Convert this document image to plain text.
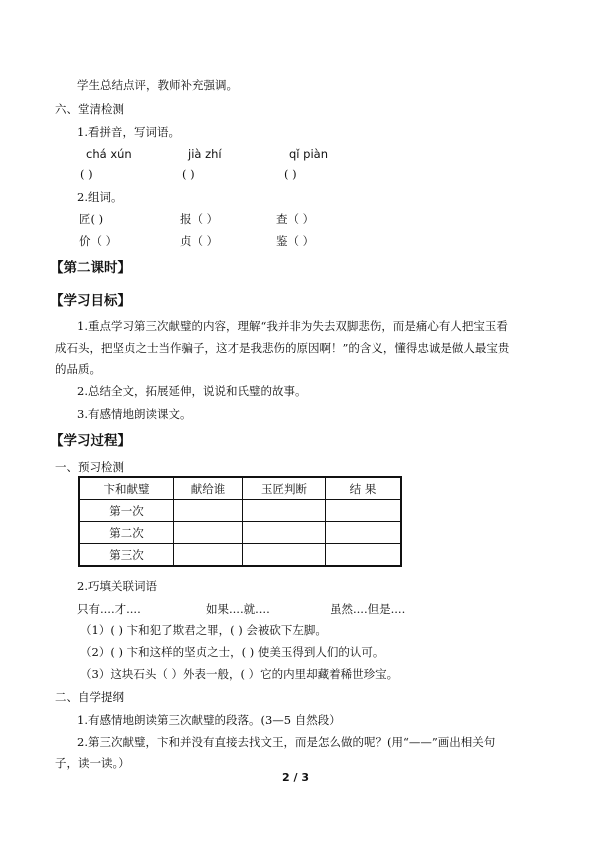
学生总结点评，教师补充强调。
六、堂清检测
1.看拼音，写词语。
chá xún	jià zhí	qǐ piàn
( )	( )	( )
2.组词。
匠( )	报（ ）	查（ ）
价（ ）	贞（ ）	鉴（ ）
【第二课时】
【学习目标】
1.重点学习第三次献璧的内容，理解“我并非为失去双脚悲伤，而是痛心有人把宝玉看
成石头，把坚贞之士当作骗子，这才是我悲伤的原因啊！”的含义，懂得忠诚是做人最宝贵
的品质。
2.总结全文，拓展延伸，说说和氏璧的故事。
3.有感情地朗读课文。
【学习过程】
一、预习检测
卞和献璧	献给谁	玉匠判断	结 果
第一次			
第二次			
第三次			
2.巧填关联词语
只有....才....	如果....就....	虽然....但是....
（1）( ) 卞和犯了欺君之罪，( ) 会被砍下左脚。
（2）( ) 卞和这样的坚贞之士，( ) 使美玉得到人们的认可。
（3）这块石头（ ）外表一般，( ）它的内里却藏着稀世珍宝。
二、自学提纲
1.有感情地朗读第三次献璧的段落。(3—5 自然段）
2.第三次献璧，卞和并没有直接去找文王，而是怎么做的呢？(用“——”画出相关句
子，读一读。）
2 / 3
